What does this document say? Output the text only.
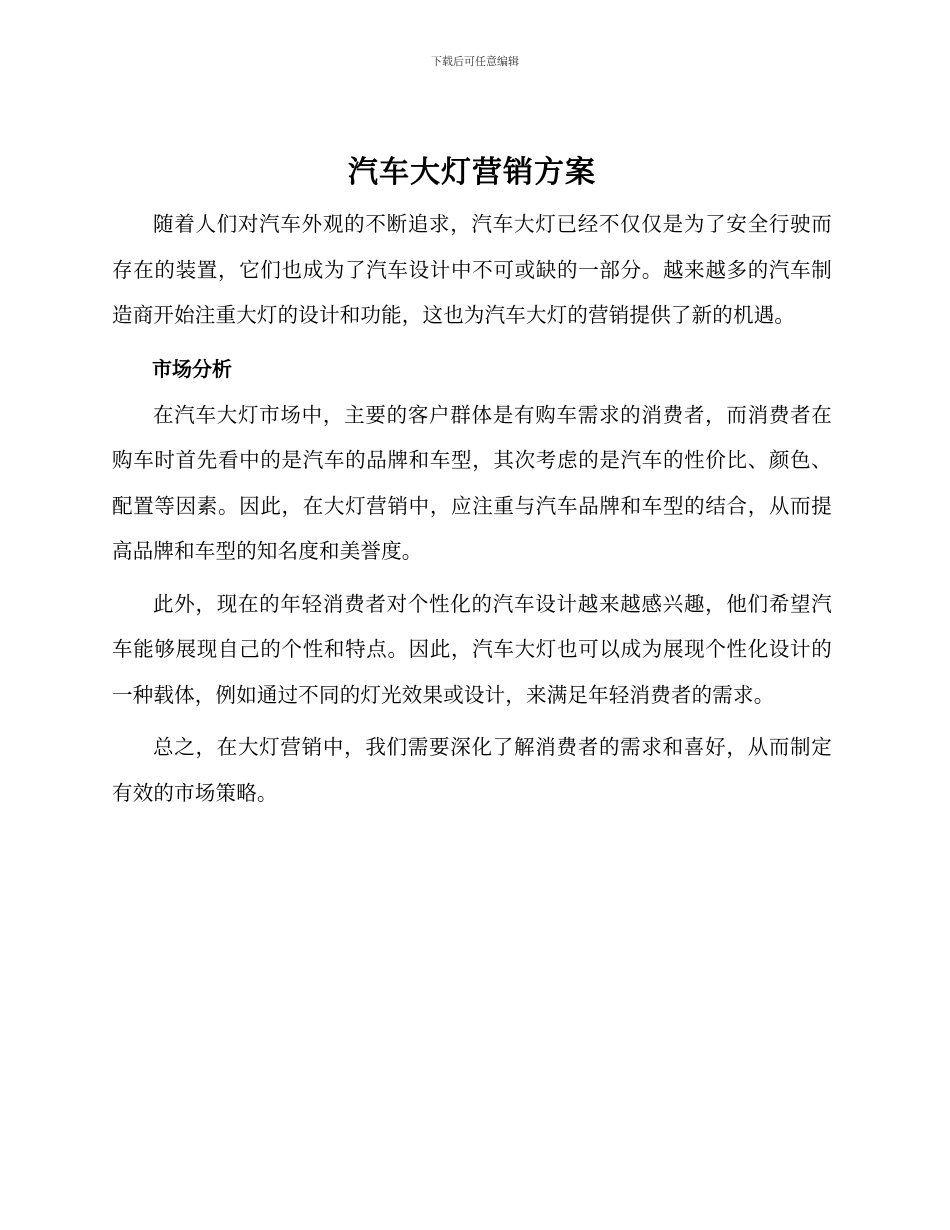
下载后可任意编辑
汽车大灯营销方案

随着人们对汽车外观的不断追求，汽车大灯已经不仅仅是为了安全行驶而存在的装置，它们也成为了汽车设计中不可或缺的一部分。越来越多的汽车制造商开始注重大灯的设计和功能，这也为汽车大灯的营销提供了新的机遇。

市场分析

在汽车大灯市场中，主要的客户群体是有购车需求的消费者，而消费者在购车时首先看中的是汽车的品牌和车型，其次考虑的是汽车的性价比、颜色、配置等因素。因此，在大灯营销中，应注重与汽车品牌和车型的结合，从而提高品牌和车型的知名度和美誉度。

此外，现在的年轻消费者对个性化的汽车设计越来越感兴趣，他们希望汽车能够展现自己的个性和特点。因此，汽车大灯也可以成为展现个性化设计的一种载体，例如通过不同的灯光效果或设计，来满足年轻消费者的需求。

总之，在大灯营销中，我们需要深化了解消费者的需求和喜好，从而制定有效的市场策略。
